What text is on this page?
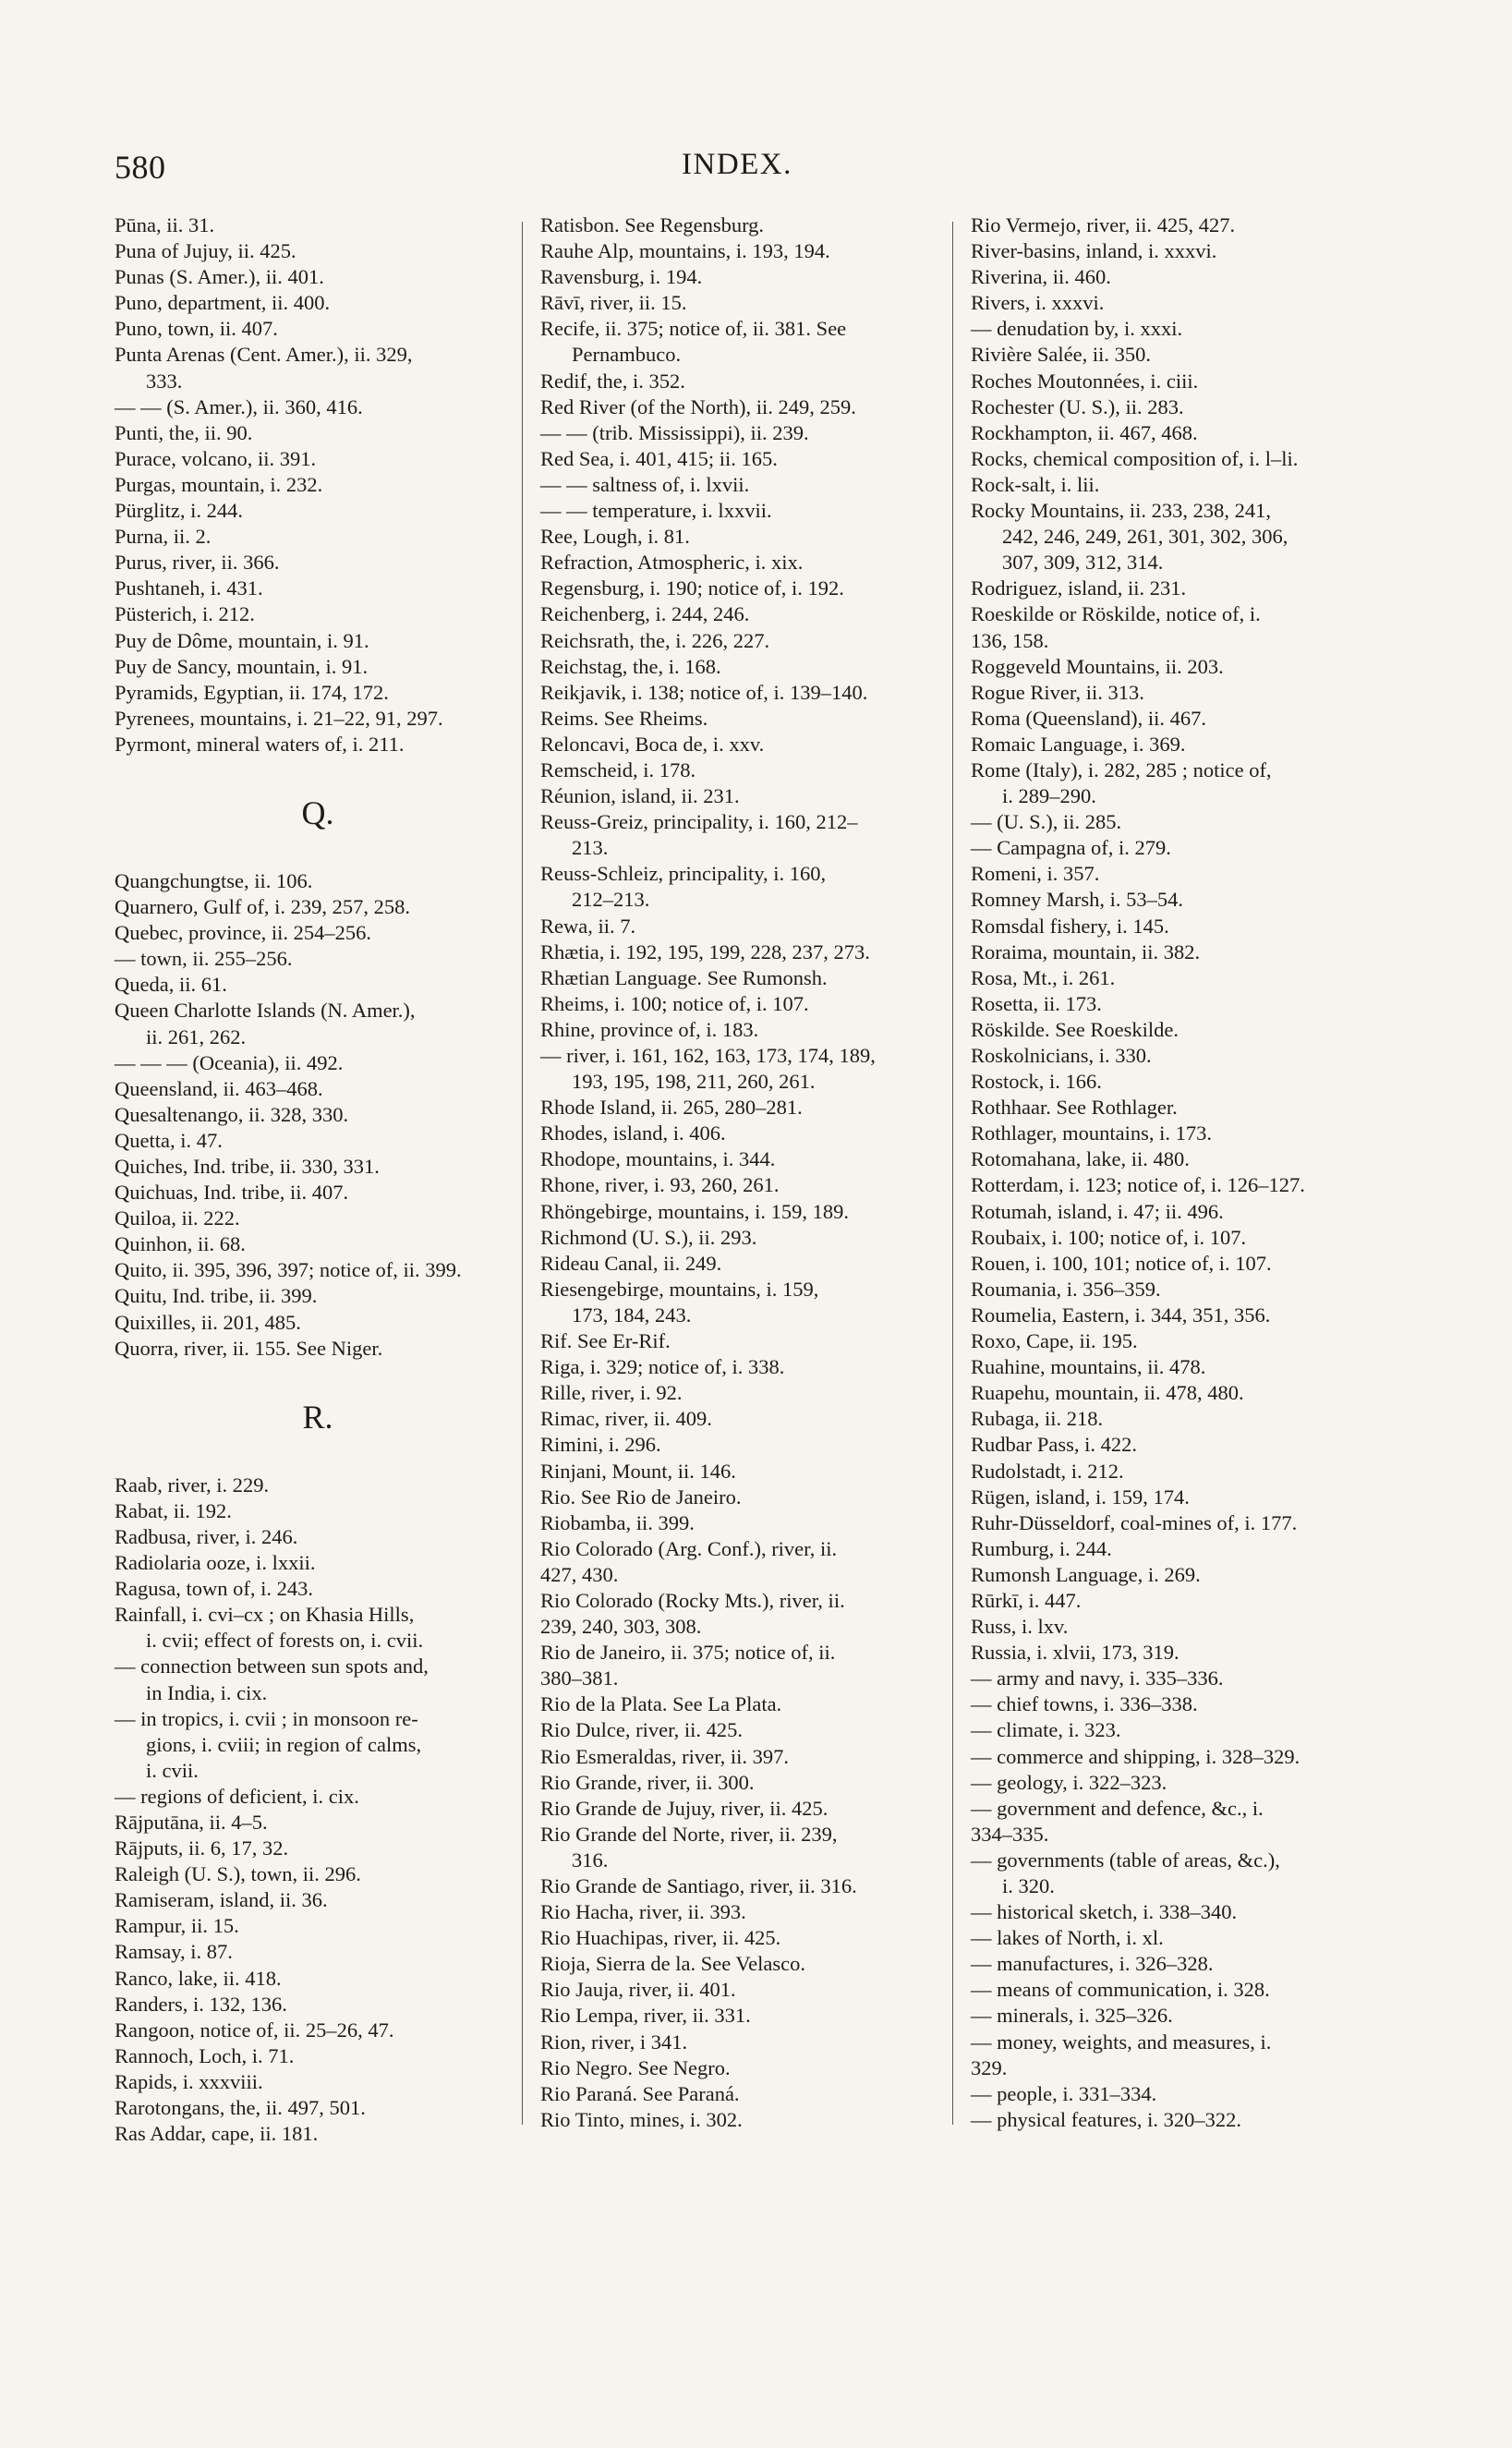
580	INDEX.
Pūna, ii. 31.
Puna of Jujuy, ii. 425.
Punas (S. Amer.), ii. 401.
Puno, department, ii. 400.
Puno, town, ii. 407.
Punta Arenas (Cent. Amer.), ii. 329,
333.
— — (S. Amer.), ii. 360, 416.
Punti, the, ii. 90.
Purace, volcano, ii. 391.
Purgas, mountain, i. 232.
Pürglitz, i. 244.
Purna, ii. 2.
Purus, river, ii. 366.
Pushtaneh, i. 431.
Püsterich, i. 212.
Puy de Dôme, mountain, i. 91.
Puy de Sancy, mountain, i. 91.
Pyramids, Egyptian, ii. 174, 172.
Pyrenees, mountains, i. 21–22, 91, 297.
Pyrmont, mineral waters of, i. 211.
Q.
Quangchungtse, ii. 106.
Quarnero, Gulf of, i. 239, 257, 258.
Quebec, province, ii. 254–256.
— town, ii. 255–256.
Queda, ii. 61.
Queen Charlotte Islands (N. Amer.),
ii. 261, 262.
— — — (Oceania), ii. 492.
Queensland, ii. 463–468.
Quesaltenango, ii. 328, 330.
Quetta, i. 47.
Quiches, Ind. tribe, ii. 330, 331.
Quichuas, Ind. tribe, ii. 407.
Quiloa, ii. 222.
Quinhon, ii. 68.
Quito, ii. 395, 396, 397; notice of, ii. 399.
Quitu, Ind. tribe, ii. 399.
Quixilles, ii. 201, 485.
Quorra, river, ii. 155. See Niger.
R.
Raab, river, i. 229.
Rabat, ii. 192.
Radbusa, river, i. 246.
Radiolaria ooze, i. lxxii.
Ragusa, town of, i. 243.
Rainfall, i. cvi–cx ; on Khasia Hills,
i. cvii; effect of forests on, i. cvii.
— connection between sun spots and,
in India, i. cix.
— in tropics, i. cvii ; in monsoon re-
gions, i. cviii; in region of calms,
i. cvii.
— regions of deficient, i. cix.
Rājputāna, ii. 4–5.
Rājputs, ii. 6, 17, 32.
Raleigh (U. S.), town, ii. 296.
Ramiseram, island, ii. 36.
Rampur, ii. 15.
Ramsay, i. 87.
Ranco, lake, ii. 418.
Randers, i. 132, 136.
Rangoon, notice of, ii. 25–26, 47.
Rannoch, Loch, i. 71.
Rapids, i. xxxviii.
Rarotongans, the, ii. 497, 501.
Ras Addar, cape, ii. 181.
Ratisbon. See Regensburg.
Rauhe Alp, mountains, i. 193, 194.
Ravensburg, i. 194.
Rāvī, river, ii. 15.
Recife, ii. 375; notice of, ii. 381. See
Pernambuco.
Redif, the, i. 352.
Red River (of the North), ii. 249, 259.
— — (trib. Mississippi), ii. 239.
Red Sea, i. 401, 415; ii. 165.
— — saltness of, i. lxvii.
— — temperature, i. lxxvii.
Ree, Lough, i. 81.
Refraction, Atmospheric, i. xix.
Regensburg, i. 190; notice of, i. 192.
Reichenberg, i. 244, 246.
Reichsrath, the, i. 226, 227.
Reichstag, the, i. 168.
Reikjavik, i. 138; notice of, i. 139–140.
Reims. See Rheims.
Reloncavi, Boca de, i. xxv.
Remscheid, i. 178.
Réunion, island, ii. 231.
Reuss-Greiz, principality, i. 160, 212–
213.
Reuss-Schleiz, principality, i. 160,
212–213.
Rewa, ii. 7.
Rhætia, i. 192, 195, 199, 228, 237, 273.
Rhætian Language. See Rumonsh.
Rheims, i. 100; notice of, i. 107.
Rhine, province of, i. 183.
— river, i. 161, 162, 163, 173, 174, 189,
193, 195, 198, 211, 260, 261.
Rhode Island, ii. 265, 280–281.
Rhodes, island, i. 406.
Rhodope, mountains, i. 344.
Rhone, river, i. 93, 260, 261.
Rhöngebirge, mountains, i. 159, 189.
Richmond (U. S.), ii. 293.
Rideau Canal, ii. 249.
Riesengebirge, mountains, i. 159,
173, 184, 243.
Rif. See Er-Rif.
Riga, i. 329; notice of, i. 338.
Rille, river, i. 92.
Rimac, river, ii. 409.
Rimini, i. 296.
Rinjani, Mount, ii. 146.
Rio. See Rio de Janeiro.
Riobamba, ii. 399.
Rio Colorado (Arg. Conf.), river, ii.
427, 430.
Rio Colorado (Rocky Mts.), river, ii.
239, 240, 303, 308.
Rio de Janeiro, ii. 375; notice of, ii.
380–381.
Rio de la Plata. See La Plata.
Rio Dulce, river, ii. 425.
Rio Esmeraldas, river, ii. 397.
Rio Grande, river, ii. 300.
Rio Grande de Jujuy, river, ii. 425.
Rio Grande del Norte, river, ii. 239,
316.
Rio Grande de Santiago, river, ii. 316.
Rio Hacha, river, ii. 393.
Rio Huachipas, river, ii. 425.
Rioja, Sierra de la. See Velasco.
Rio Jauja, river, ii. 401.
Rio Lempa, river, ii. 331.
Rion, river, i 341.
Rio Negro. See Negro.
Rio Paraná. See Paraná.
Rio Tinto, mines, i. 302.
Rio Vermejo, river, ii. 425, 427.
River-basins, inland, i. xxxvi.
Riverina, ii. 460.
Rivers, i. xxxvi.
— denudation by, i. xxxi.
Rivière Salée, ii. 350.
Roches Moutonnées, i. ciii.
Rochester (U. S.), ii. 283.
Rockhampton, ii. 467, 468.
Rocks, chemical composition of, i. l–li.
Rock-salt, i. lii.
Rocky Mountains, ii. 233, 238, 241,
242, 246, 249, 261, 301, 302, 306,
307, 309, 312, 314.
Rodriguez, island, ii. 231.
Roeskilde or Röskilde, notice of, i.
136, 158.
Roggeveld Mountains, ii. 203.
Rogue River, ii. 313.
Roma (Queensland), ii. 467.
Romaic Language, i. 369.
Rome (Italy), i. 282, 285 ; notice of,
i. 289–290.
— (U. S.), ii. 285.
— Campagna of, i. 279.
Romeni, i. 357.
Romney Marsh, i. 53–54.
Romsdal fishery, i. 145.
Roraima, mountain, ii. 382.
Rosa, Mt., i. 261.
Rosetta, ii. 173.
Röskilde. See Roeskilde.
Roskolnicians, i. 330.
Rostock, i. 166.
Rothhaar. See Rothlager.
Rothlager, mountains, i. 173.
Rotomahana, lake, ii. 480.
Rotterdam, i. 123; notice of, i. 126–127.
Rotumah, island, i. 47; ii. 496.
Roubaix, i. 100; notice of, i. 107.
Rouen, i. 100, 101; notice of, i. 107.
Roumania, i. 356–359.
Roumelia, Eastern, i. 344, 351, 356.
Roxo, Cape, ii. 195.
Ruahine, mountains, ii. 478.
Ruapehu, mountain, ii. 478, 480.
Rubaga, ii. 218.
Rudbar Pass, i. 422.
Rudolstadt, i. 212.
Rügen, island, i. 159, 174.
Ruhr-Düsseldorf, coal-mines of, i. 177.
Rumburg, i. 244.
Rumonsh Language, i. 269.
Rūrkī, i. 447.
Russ, i. lxv.
Russia, i. xlvii, 173, 319.
— army and navy, i. 335–336.
— chief towns, i. 336–338.
— climate, i. 323.
— commerce and shipping, i. 328–329.
— geology, i. 322–323.
— government and defence, &c., i.
334–335.
— governments (table of areas, &c.),
i. 320.
— historical sketch, i. 338–340.
— lakes of North, i. xl.
— manufactures, i. 326–328.
— means of communication, i. 328.
— minerals, i. 325–326.
— money, weights, and measures, i.
329.
— people, i. 331–334.
— physical features, i. 320–322.
